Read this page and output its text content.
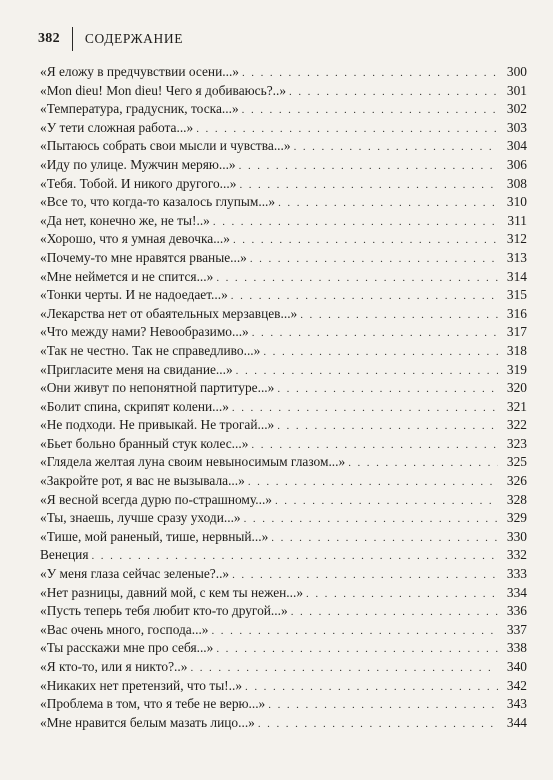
382 СОДЕРЖАНИЕ
«Я еложу в предчувствии осени...» . . .	300
«Mon dieu! Mon dieu! Чего я добиваюсь?..» . . .	301
«Температура, градусник, тоска...» . . .	302
«У тети сложная работа...» . . .	303
«Пытаюсь собрать свои мысли и чувства...» . . .	304
«Иду по улице. Мужчин меряю...» . . .	306
«Тебя. Тобой. И никого другого...» . . .	308
«Все то, что когда-то казалось глупым...» . . .	310
«Да нет, конечно же, не ты!..» . . .	311
«Хорошо, что я умная девочка...» . . .	312
«Почему-то мне нравятся рваные...» . . .	313
«Мне неймется и не спится...» . . .	314
«Тонки черты. И не надоедает...» . . .	315
«Лекарства нет от обаятельных мерзавцев...» . . .	316
«Что между нами? Невообразимо...» . . .	317
«Так не честно. Так не справедливо...» . . .	318
«Пригласите меня на свидание...» . . .	319
«Они живут по непонятной партитуре...» . . .	320
«Болит спина, скрипят колени...» . . .	321
«Не подходи. Не привыкай. Не трогай...» . . .	322
«Бьет больно бранный стук колес...» . . .	323
«Глядела желтая луна своим невыносимым глазом...» . . .	325
«Закройте рот, я вас не вызывала...» . . .	326
«Я весной всегда дурю по-страшному...» . . .	328
«Ты, знаешь, лучше сразу уходи...» . . .	329
«Тише, мой раненый, тише, нервный...» . . .	330
Венеция . . .	332
«У меня глаза сейчас зеленые?..» . . .	333
«Нет разницы, давний мой, с кем ты нежен...» . . .	334
«Пусть теперь тебя любит кто-то другой...» . . .	336
«Вас очень много, господа...» . . .	337
«Ты расскажи мне про себя...» . . .	338
«Я кто-то, или я никто?..» . . .	340
«Никаких нет претензий, что ты!..» . . .	342
«Проблема в том, что я тебе не верю...» . . .	343
«Мне нравится белым мазать лицо...» . . .	344
